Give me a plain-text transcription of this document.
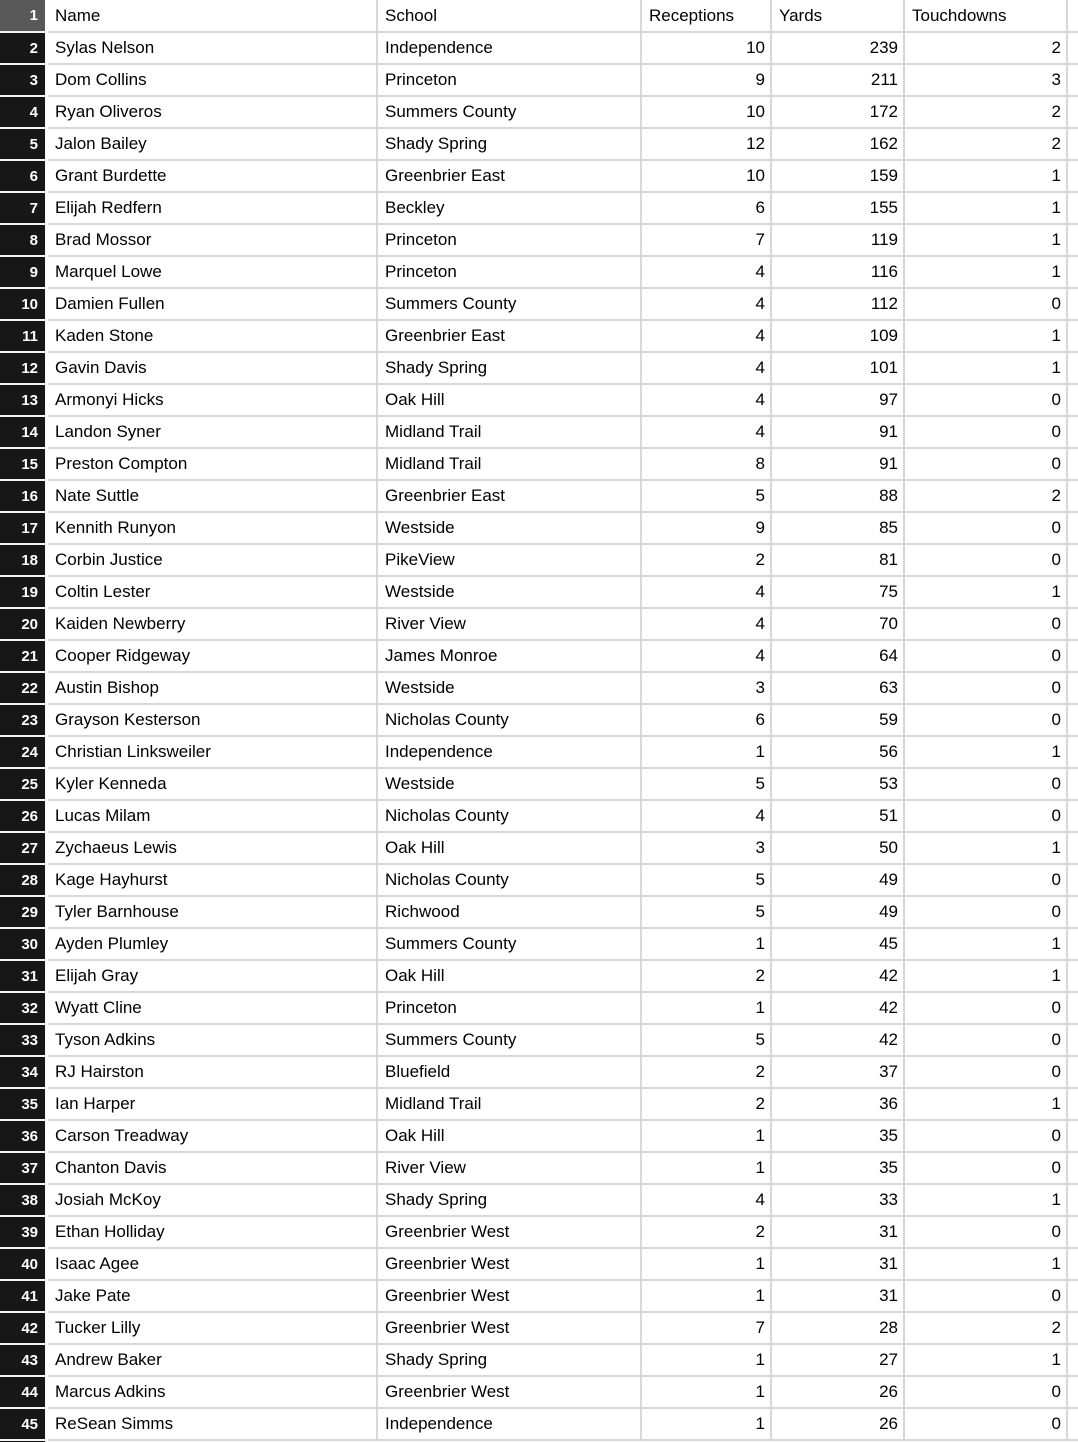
1	Name	School	Receptions	Yards	Touchdowns
2	Sylas Nelson	Independence	10	239	2
3	Dom Collins	Princeton	9	211	3
4	Ryan Oliveros	Summers County	10	172	2
5	Jalon Bailey	Shady Spring	12	162	2
6	Grant Burdette	Greenbrier East	10	159	1
7	Elijah Redfern	Beckley	6	155	1
8	Brad Mossor	Princeton	7	119	1
9	Marquel Lowe	Princeton	4	116	1
10	Damien Fullen	Summers County	4	112	0
11	Kaden Stone	Greenbrier East	4	109	1
12	Gavin Davis	Shady Spring	4	101	1
13	Armonyi Hicks	Oak Hill	4	97	0
14	Landon Syner	Midland Trail	4	91	0
15	Preston Compton	Midland Trail	8	91	0
16	Nate Suttle	Greenbrier East	5	88	2
17	Kennith Runyon	Westside	9	85	0
18	Corbin Justice	PikeView	2	81	0
19	Coltin Lester	Westside	4	75	1
20	Kaiden Newberry	River View	4	70	0
21	Cooper Ridgeway	James Monroe	4	64	0
22	Austin Bishop	Westside	3	63	0
23	Grayson Kesterson	Nicholas County	6	59	0
24	Christian Linksweiler	Independence	1	56	1
25	Kyler Kenneda	Westside	5	53	0
26	Lucas Milam	Nicholas County	4	51	0
27	Zychaeus Lewis	Oak Hill	3	50	1
28	Kage Hayhurst	Nicholas County	5	49	0
29	Tyler Barnhouse	Richwood	5	49	0
30	Ayden Plumley	Summers County	1	45	1
31	Elijah Gray	Oak Hill	2	42	1
32	Wyatt Cline	Princeton	1	42	0
33	Tyson Adkins	Summers County	5	42	0
34	RJ Hairston	Bluefield	2	37	0
35	Ian Harper	Midland Trail	2	36	1
36	Carson Treadway	Oak Hill	1	35	0
37	Chanton Davis	River View	1	35	0
38	Josiah McKoy	Shady Spring	4	33	1
39	Ethan Holliday	Greenbrier West	2	31	0
40	Isaac Agee	Greenbrier West	1	31	1
41	Jake Pate	Greenbrier West	1	31	0
42	Tucker Lilly	Greenbrier West	7	28	2
43	Andrew Baker	Shady Spring	1	27	1
44	Marcus Adkins	Greenbrier West	1	26	0
45	ReSean Simms	Independence	1	26	0
